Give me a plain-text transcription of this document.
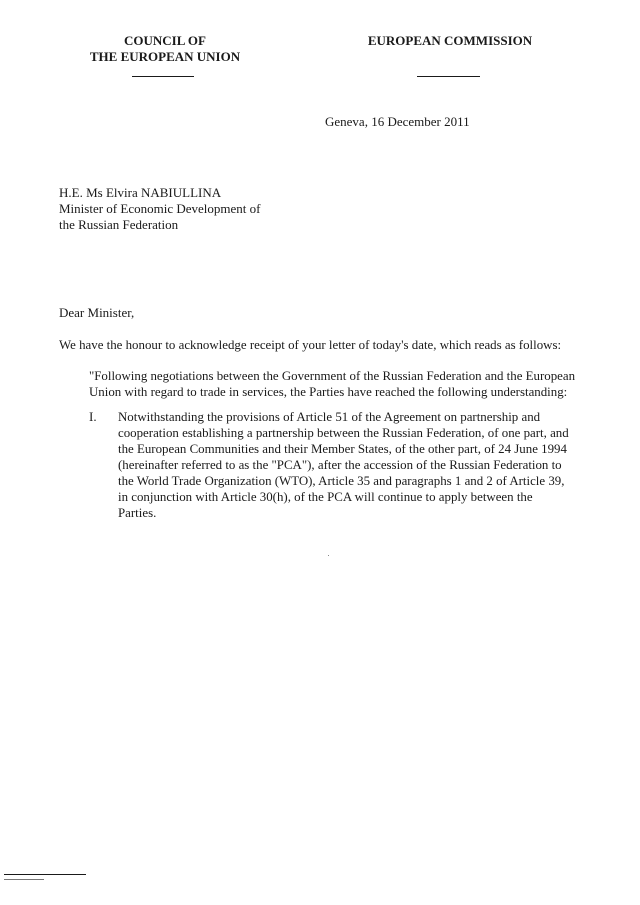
COUNCIL OF
THE EUROPEAN UNION
EUROPEAN COMMISSION
Geneva, 16 December 2011
H.E. Ms Elvira NABIULLINA
Minister of Economic Development of
the Russian Federation
Dear Minister,
We have the honour to acknowledge receipt of your letter of today's date, which reads as follows:
"Following negotiations between the Government of the Russian Federation and the European
Union with regard to trade in services, the Parties have reached the following understanding:
I. Notwithstanding the provisions of Article 51 of the Agreement on partnership and
cooperation establishing a partnership between the Russian Federation, of one part, and
the European Communities and their Member States, of the other part, of 24 June 1994
(hereinafter referred to as the "PCA"), after the accession of the Russian Federation to
the World Trade Organization (WTO), Article 35 and paragraphs 1 and 2 of Article 39,
in conjunction with Article 30(h), of the PCA will continue to apply between the
Parties.
